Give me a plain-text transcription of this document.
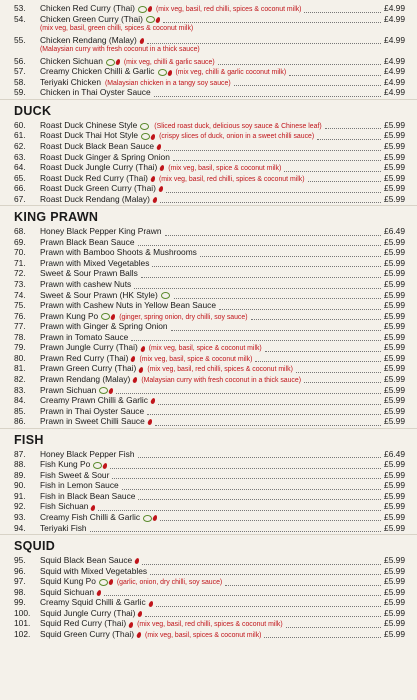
53.	Chicken Red Curry (Thai)	(mix veg, basil, red chilli, spices & coconut milk)	£4.99
54.	Chicken Green Curry (Thai)	£4.99
(mix veg, basil, green chilli, spices & coconut milk)
55.	Chicken Rendang (Malay)	£4.99
(Malaysian curry with fresh coconut in a thick sauce)
56.	Chicken Sichuan	(mix veg, chilli & garlic sauce)	£4.99
57.	Creamy Chicken Chilli & Garlic	(mix veg, chilli & garlic coconut milk)	£4.99
58.	Teriyaki Chicken (Malaysian chicken in a tangy soy sauce)	£4.99
59.	Chicken in Thai Oyster Sauce	£4.99
DUCK
60.	Roast Duck Chinese Style (Sliced roast duck, delicious soy sauce & Chinese leaf)	£5.99
61.	Roast Duck Thai Hot Style	(crispy slices of duck, onion in a sweet chilli sauce)	£5.99
62.	Roast Duck Black Bean Sauce	£5.99
63.	Roast Duck Ginger & Spring Onion	£5.99
64.	Roast Duck Jungle Curry (Thai) (mix veg, basil, spice & coconut milk)	£5.99
65.	Roast Duck Red Curry (Thai) (mix veg, basil, red chilli, spices & coconut milk)	£5.99
66.	Roast Duck Green Curry (Thai)	£5.99
67.	Roast Duck Rendang (Malay)	£5.99
KING PRAWN
68.	Honey Black Pepper King Prawn	£6.49
69.	Prawn Black Bean Sauce	£5.99
70.	Prawn with Bamboo Shoots & Mushrooms	£5.99
71.	Prawn with Mixed Vegetables	£5.99
72.	Sweet & Sour Prawn Balls	£5.99
73.	Prawn with cashew Nuts	£5.99
74.	Sweet & Sour Prawn (HK Style)	£5.99
75.	Prawn with Cashew Nuts in Yellow Bean Sauce	£5.99
76.	Prawn Kung Po	(ginger, spring onion, dry chilli, soy sauce)	£5.99
77.	Prawn with Ginger & Spring Onion	£5.99
78.	Prawn in Tomato Sauce	£5.99
79.	Prawn Jungle Curry (Thai) (mix veg, basil, spice & coconut milk)	£5.99
80.	Prawn Red Curry (Thai) (mix veg, basil, spice & coconut milk)	£5.99
81.	Prawn Green Curry (Thai) (mix veg, basil, red chilli, spices & coconut milk)	£5.99
82.	Prawn Rendang (Malay) (Malaysian curry with fresh coconut in a thick sauce)	£5.99
83.	Prawn Sichuan	£5.99
84.	Creamy Prawn Chilli & Garlic	£5.99
85.	Prawn in Thai Oyster Sauce	£5.99
86.	Prawn in Sweet Chilli Sauce	£5.99
FISH
87.	Honey Black Pepper Fish	£6.49
88.	Fish Kung Po	£5.99
89.	Fish Sweet & Sour	£5.99
90.	Fish in Lemon Sauce	£5.99
91.	Fish in Black Bean Sauce	£5.99
92.	Fish Sichuan	£5.99
93.	Creamy Fish Chilli & Garlic	£5.99
94.	Teriyaki Fish	£5.99
SQUID
95.	Squid Black Bean Sauce	£5.99
96.	Squid with Mixed Vegetables	£5.99
97.	Squid Kung Po	(garlic, onion, dry chilli, soy sauce)	£5.99
98.	Squid Sichuan	£5.99
99.	Creamy Squid Chilli & Garlic	£5.99
100.	Squid Jungle Curry (Thai)	£5.99
101.	Squid Red Curry (Thai) (mix veg, basil, red chilli, spices & coconut milk)	£5.99
102.	Squid Green Curry (Thai) (mix veg, basil, spices & coconut milk)	£5.99
